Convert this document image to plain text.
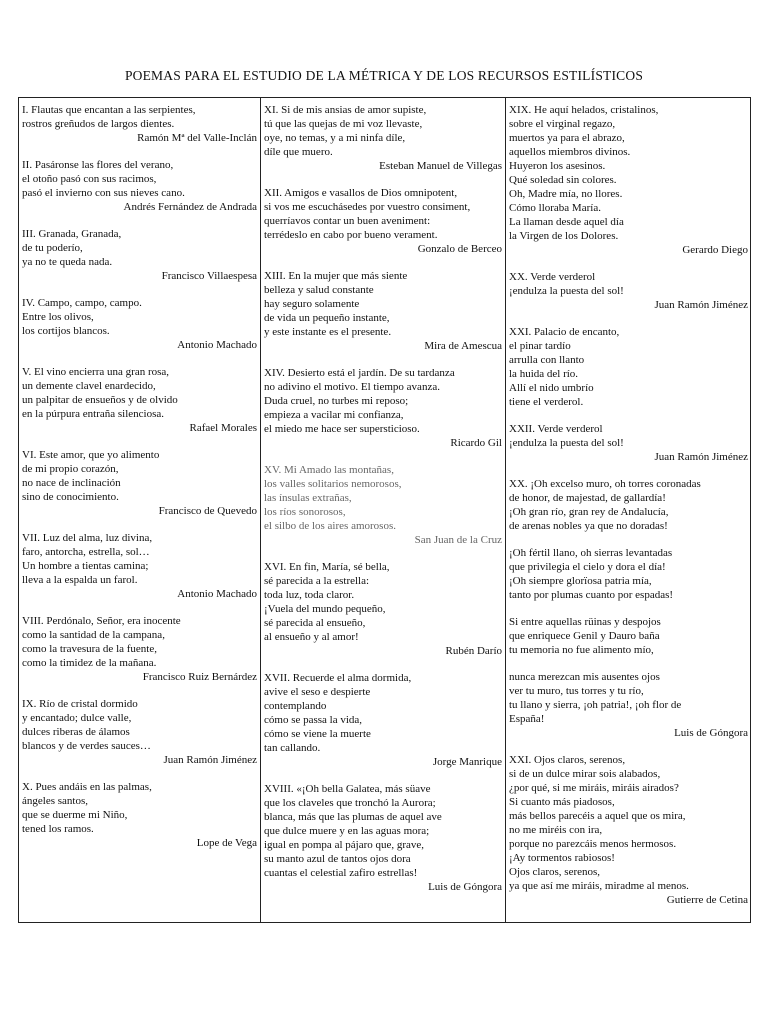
POEMAS PARA EL ESTUDIO DE LA MÉTRICA Y DE LOS RECURSOS ESTILÍSTICOS
I. Flautas que encantan a las serpientes,
rostros greñudos de largos dientes.
Ramón Mª del Valle-Inclán
II. Pasáronse las flores del verano,
el otoño pasó con sus racimos,
pasó el invierno con sus nieves cano.
Andrés Fernández de Andrada
III. Granada, Granada,
de tu poderío,
ya no te queda nada.
Francisco Villaespesa
IV. Campo, campo, campo.
Entre los olivos,
los cortijos blancos.
Antonio Machado
V. El vino encierra una gran rosa,
un demente clavel enardecido,
un palpitar de ensueños y de olvido
en la púrpura entraña silenciosa.
Rafael Morales
VI. Este amor, que yo alimento
de mi propio corazón,
no nace de inclinación
sino de conocimiento.
Francisco de Quevedo
VII. Luz del alma, luz divina,
faro, antorcha, estrella, sol…
Un hombre a tientas camina;
lleva a la espalda un farol.
Antonio Machado
VIII. Perdónalo, Señor, era inocente
como la santidad de la campana,
como la travesura de la fuente,
como la timidez de la mañana.
Francisco Ruiz Bernárdez
IX. Río de cristal dormido
y encantado; dulce valle,
dulces riberas de álamos
blancos y de verdes sauces…
Juan Ramón Jiménez
X. Pues andáis en las palmas,
ángeles santos,
que se duerme mi Niño,
tened los ramos.
Lope de Vega
XI. Si de mis ansias de amor supiste,
tú que las quejas de mi voz llevaste,
oye, no temas, y a mi ninfa díle,
díle que muero.
Esteban Manuel de Villegas
XII. Amigos e vasallos de Dios omnipotent,
si vos me escuchásedes por vuestro consiment,
querríavos contar un buen aveniment:
terrédeslo en cabo por bueno verament.
Gonzalo de Berceo
XIII. En la mujer que más siente
belleza y salud constante
hay seguro solamente
de vida un pequeño instante,
y este instante es el presente.
Mira de Amescua
XIV. Desierto está el jardín. De su tardanza
no adivino el motivo. El tiempo avanza.
Duda cruel, no turbes mi reposo;
empieza a vacilar mi confianza,
el miedo me hace ser supersticioso.
Ricardo Gil
XV. Mi Amado las montañas,
los valles solitarios nemorosos,
las ínsulas extrañas,
los ríos sonorosos,
el silbo de los aires amorosos.
San Juan de la Cruz
XVI. En fin, María, sé bella,
sé parecida a la estrella:
toda luz, toda claror.
¡Vuela del mundo pequeño,
sé parecida al ensueño,
al ensueño y al amor!
Rubén Darío
XVII. Recuerde el alma dormida,
avive el seso e despierte
contemplando
cómo se passa la vida,
cómo se viene la muerte
tan callando.
Jorge Manrique
XVIII. «¡Oh bella Galatea, más süave
que los claveles que tronchó la Aurora;
blanca, más que las plumas de aquel ave
que dulce muere y en las aguas mora;
igual en pompa al pájaro que, grave,
su manto azul de tantos ojos dora
cuantas el celestial zafiro estrellas!
Luis de Góngora
XIX. He aquí helados, cristalinos,
sobre el virginal regazo,
muertos ya para el abrazo,
aquellos miembros divinos.
Huyeron los asesinos.
Qué soledad sin colores.
Oh, Madre mía, no llores.
Cómo lloraba María.
La llaman desde aquel día
la Virgen de los Dolores.
Gerardo Diego
XX. Verde verderol
¡endulza la puesta del sol!
Juan Ramón Jiménez
XXI. Palacio de encanto,
el pinar tardío
arrulla con llanto
la huida del río.
Allí el nido umbrío
tiene el verderol.
XXII. Verde verderol
¡endulza la puesta del sol!
Juan Ramón Jiménez
XX. ¡Oh excelso muro, oh torres coronadas
de honor, de majestad, de gallardía!
¡Oh gran río, gran rey de Andalucía,
de arenas nobles ya que no doradas!
¡Oh fértil llano, oh sierras levantadas
que privilegia el cielo y dora el día!
¡Oh siempre glorïosa patria mía,
tanto por plumas cuanto por espadas!
Si entre aquellas rüinas y despojos
que enriquece Genil y Dauro baña
tu memoria no fue alimento mío,
nunca merezcan mis ausentes ojos
ver tu muro, tus torres y tu río,
tu llano y sierra, ¡oh patria!, ¡oh flor de
España!
Luis de Góngora
XXI. Ojos claros, serenos,
si de un dulce mirar sois alabados,
¿por qué, si me miráis, miráis airados?
Si cuanto más piadosos,
más bellos parecéis a aquel que os mira,
no me miréis con ira,
porque no parezcáis menos hermosos.
¡Ay tormentos rabiosos!
Ojos claros, serenos,
ya que así me miráis, miradme al menos.
Gutierre de Cetina
